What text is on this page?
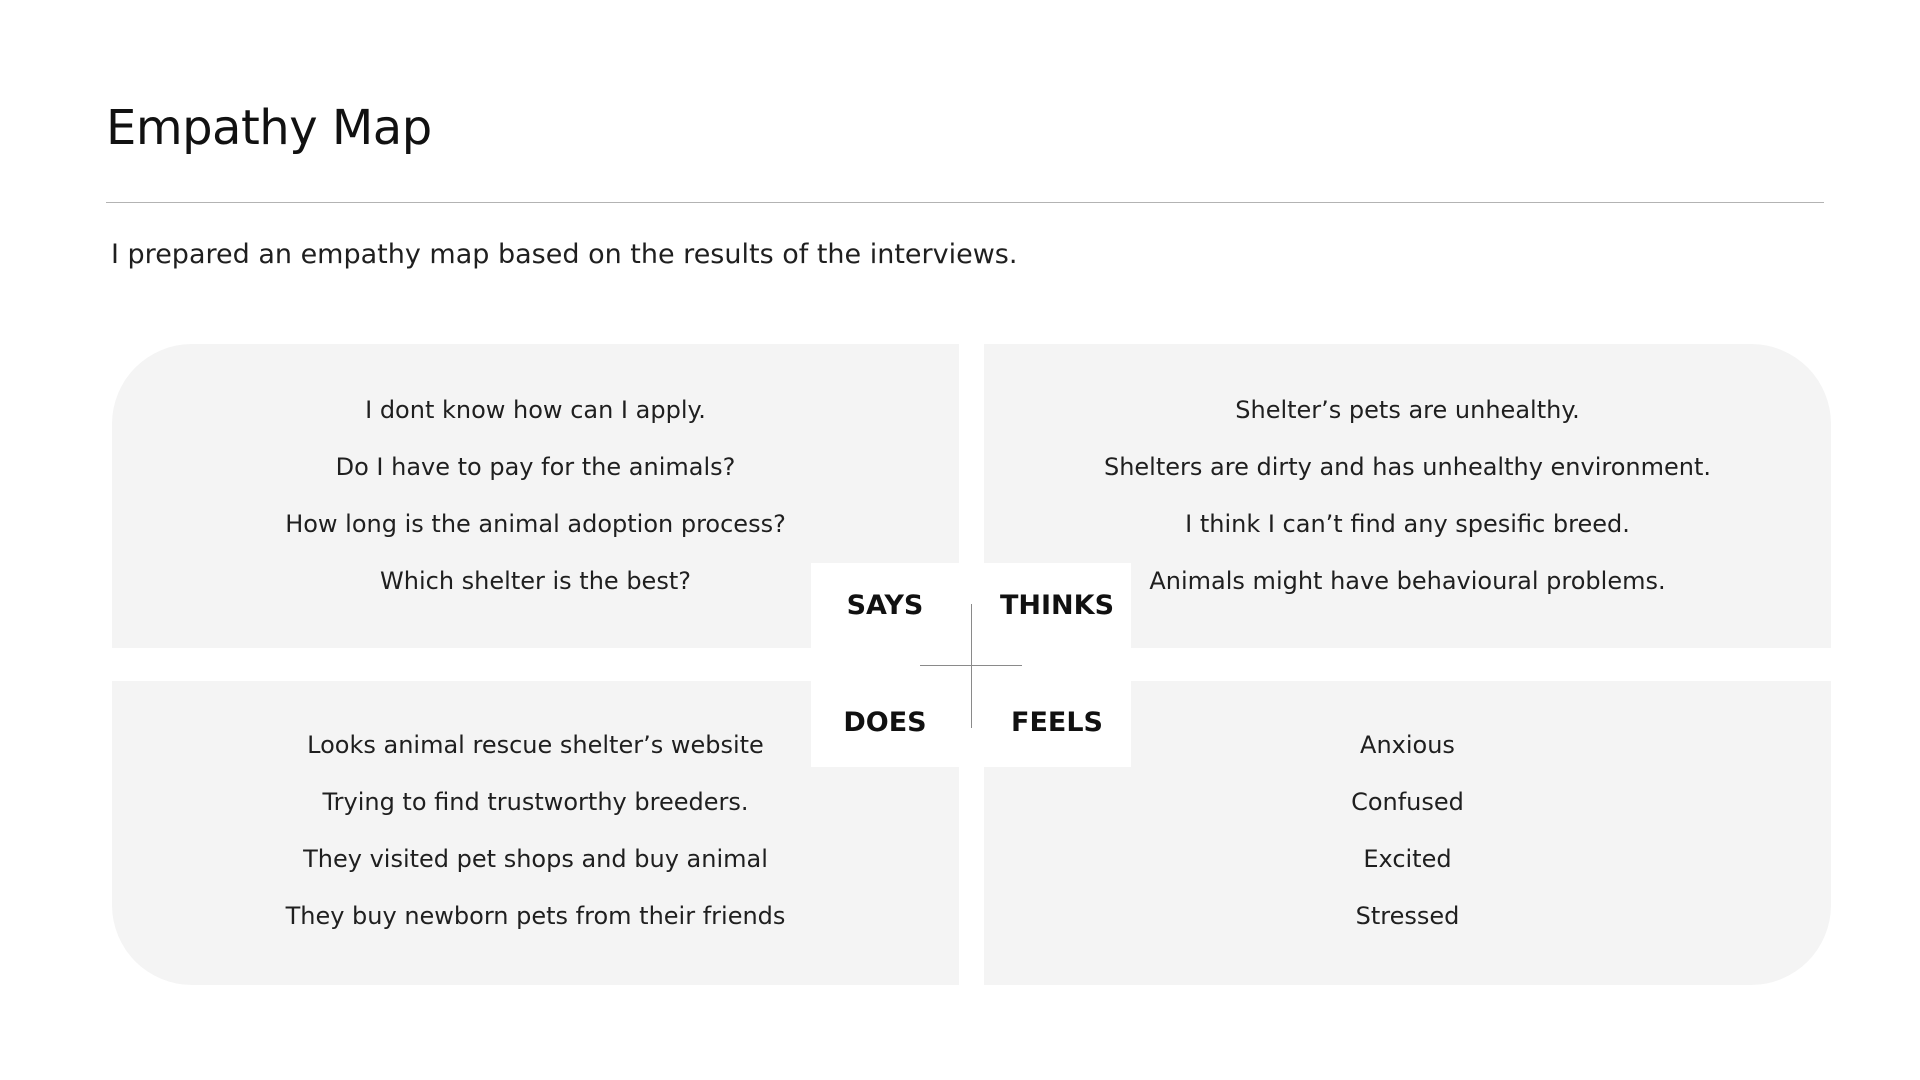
Empathy Map

I prepared an empathy map based on the results of the interviews.

I dont know how can I apply.
Do I have to pay for the animals?
How long is the animal adoption process?
Which shelter is the best?
Shelter’s pets are unhealthy.
Shelters are dirty and has unhealthy environment.
I think I can’t find any spesific breed.
Animals might have behavioural problems.
Looks animal rescue shelter’s website
Trying to find trustworthy breeders.
They visited pet shops and buy animal
They buy newborn pets from their friends
Anxious
Confused
Excited
Stressed
SAYS	THINKS
DOES	FEELS
